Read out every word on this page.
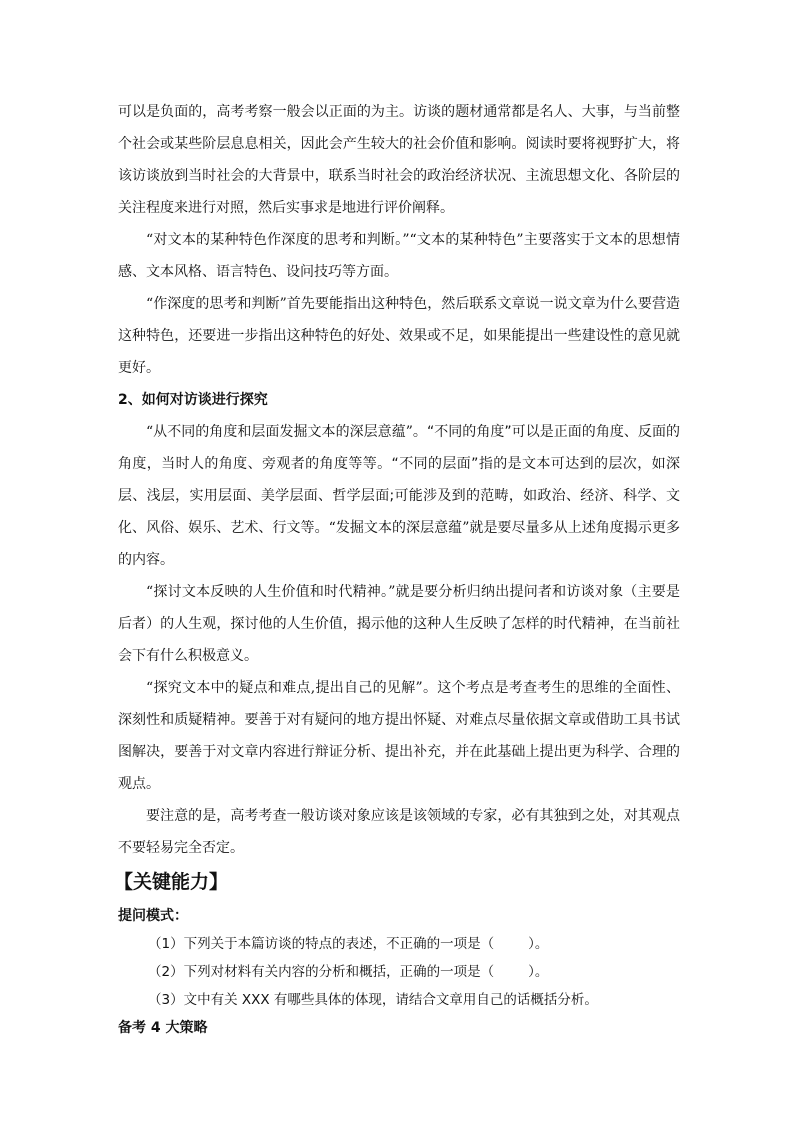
可以是负面的，高考考察一般会以正面的为主。访谈的题材通常都是名人、大事，与当前整个社会或某些阶层息息相关，因此会产生较大的社会价值和影响。阅读时要将视野扩大，将该访谈放到当时社会的大背景中，联系当时社会的政治经济状况、主流思想文化、各阶层的关注程度来进行对照，然后实事求是地进行评价阐释。

“对文本的某种特色作深度的思考和判断。”“文本的某种特色”主要落实于文本的思想情感、文本风格、语言特色、设问技巧等方面。

“作深度的思考和判断”首先要能指出这种特色，然后联系文章说一说文章为什么要营造这种特色，还要进一步指出这种特色的好处、效果或不足，如果能提出一些建设性的意见就更好。

2、如何对访谈进行探究

“从不同的角度和层面发掘文本的深层意蕴”。“不同的角度”可以是正面的角度、反面的角度，当时人的角度、旁观者的角度等等。“不同的层面”指的是文本可达到的层次，如深层、浅层，实用层面、美学层面、哲学层面;可能涉及到的范畴，如政治、经济、科学、文化、风俗、娱乐、艺术、行文等。“发掘文本的深层意蕴”就是要尽量多从上述角度揭示更多的内容。

“探讨文本反映的人生价值和时代精神。”就是要分析归纳出提问者和访谈对象（主要是后者）的人生观，探讨他的人生价值，揭示他的这种人生反映了怎样的时代精神，在当前社会下有什么积极意义。

“探究文本中的疑点和难点,提出自己的见解”。这个考点是考查考生的思维的全面性、深刻性和质疑精神。要善于对有疑问的地方提出怀疑、对难点尽量依据文章或借助工具书试图解决，要善于对文章内容进行辩证分析、提出补充，并在此基础上提出更为科学、合理的观点。

要注意的是，高考考查一般访谈对象应该是该领域的专家，必有其独到之处，对其观点不要轻易完全否定。

【关键能力】
提问模式：
（1）下列关于本篇访谈的特点的表述，不正确的一项是（	）。
（2）下列对材料有关内容的分析和概括，正确的一项是（	）。
（3）文中有关 XXX 有哪些具体的体现，请结合文章用自己的话概括分析。
备考 4 大策略
